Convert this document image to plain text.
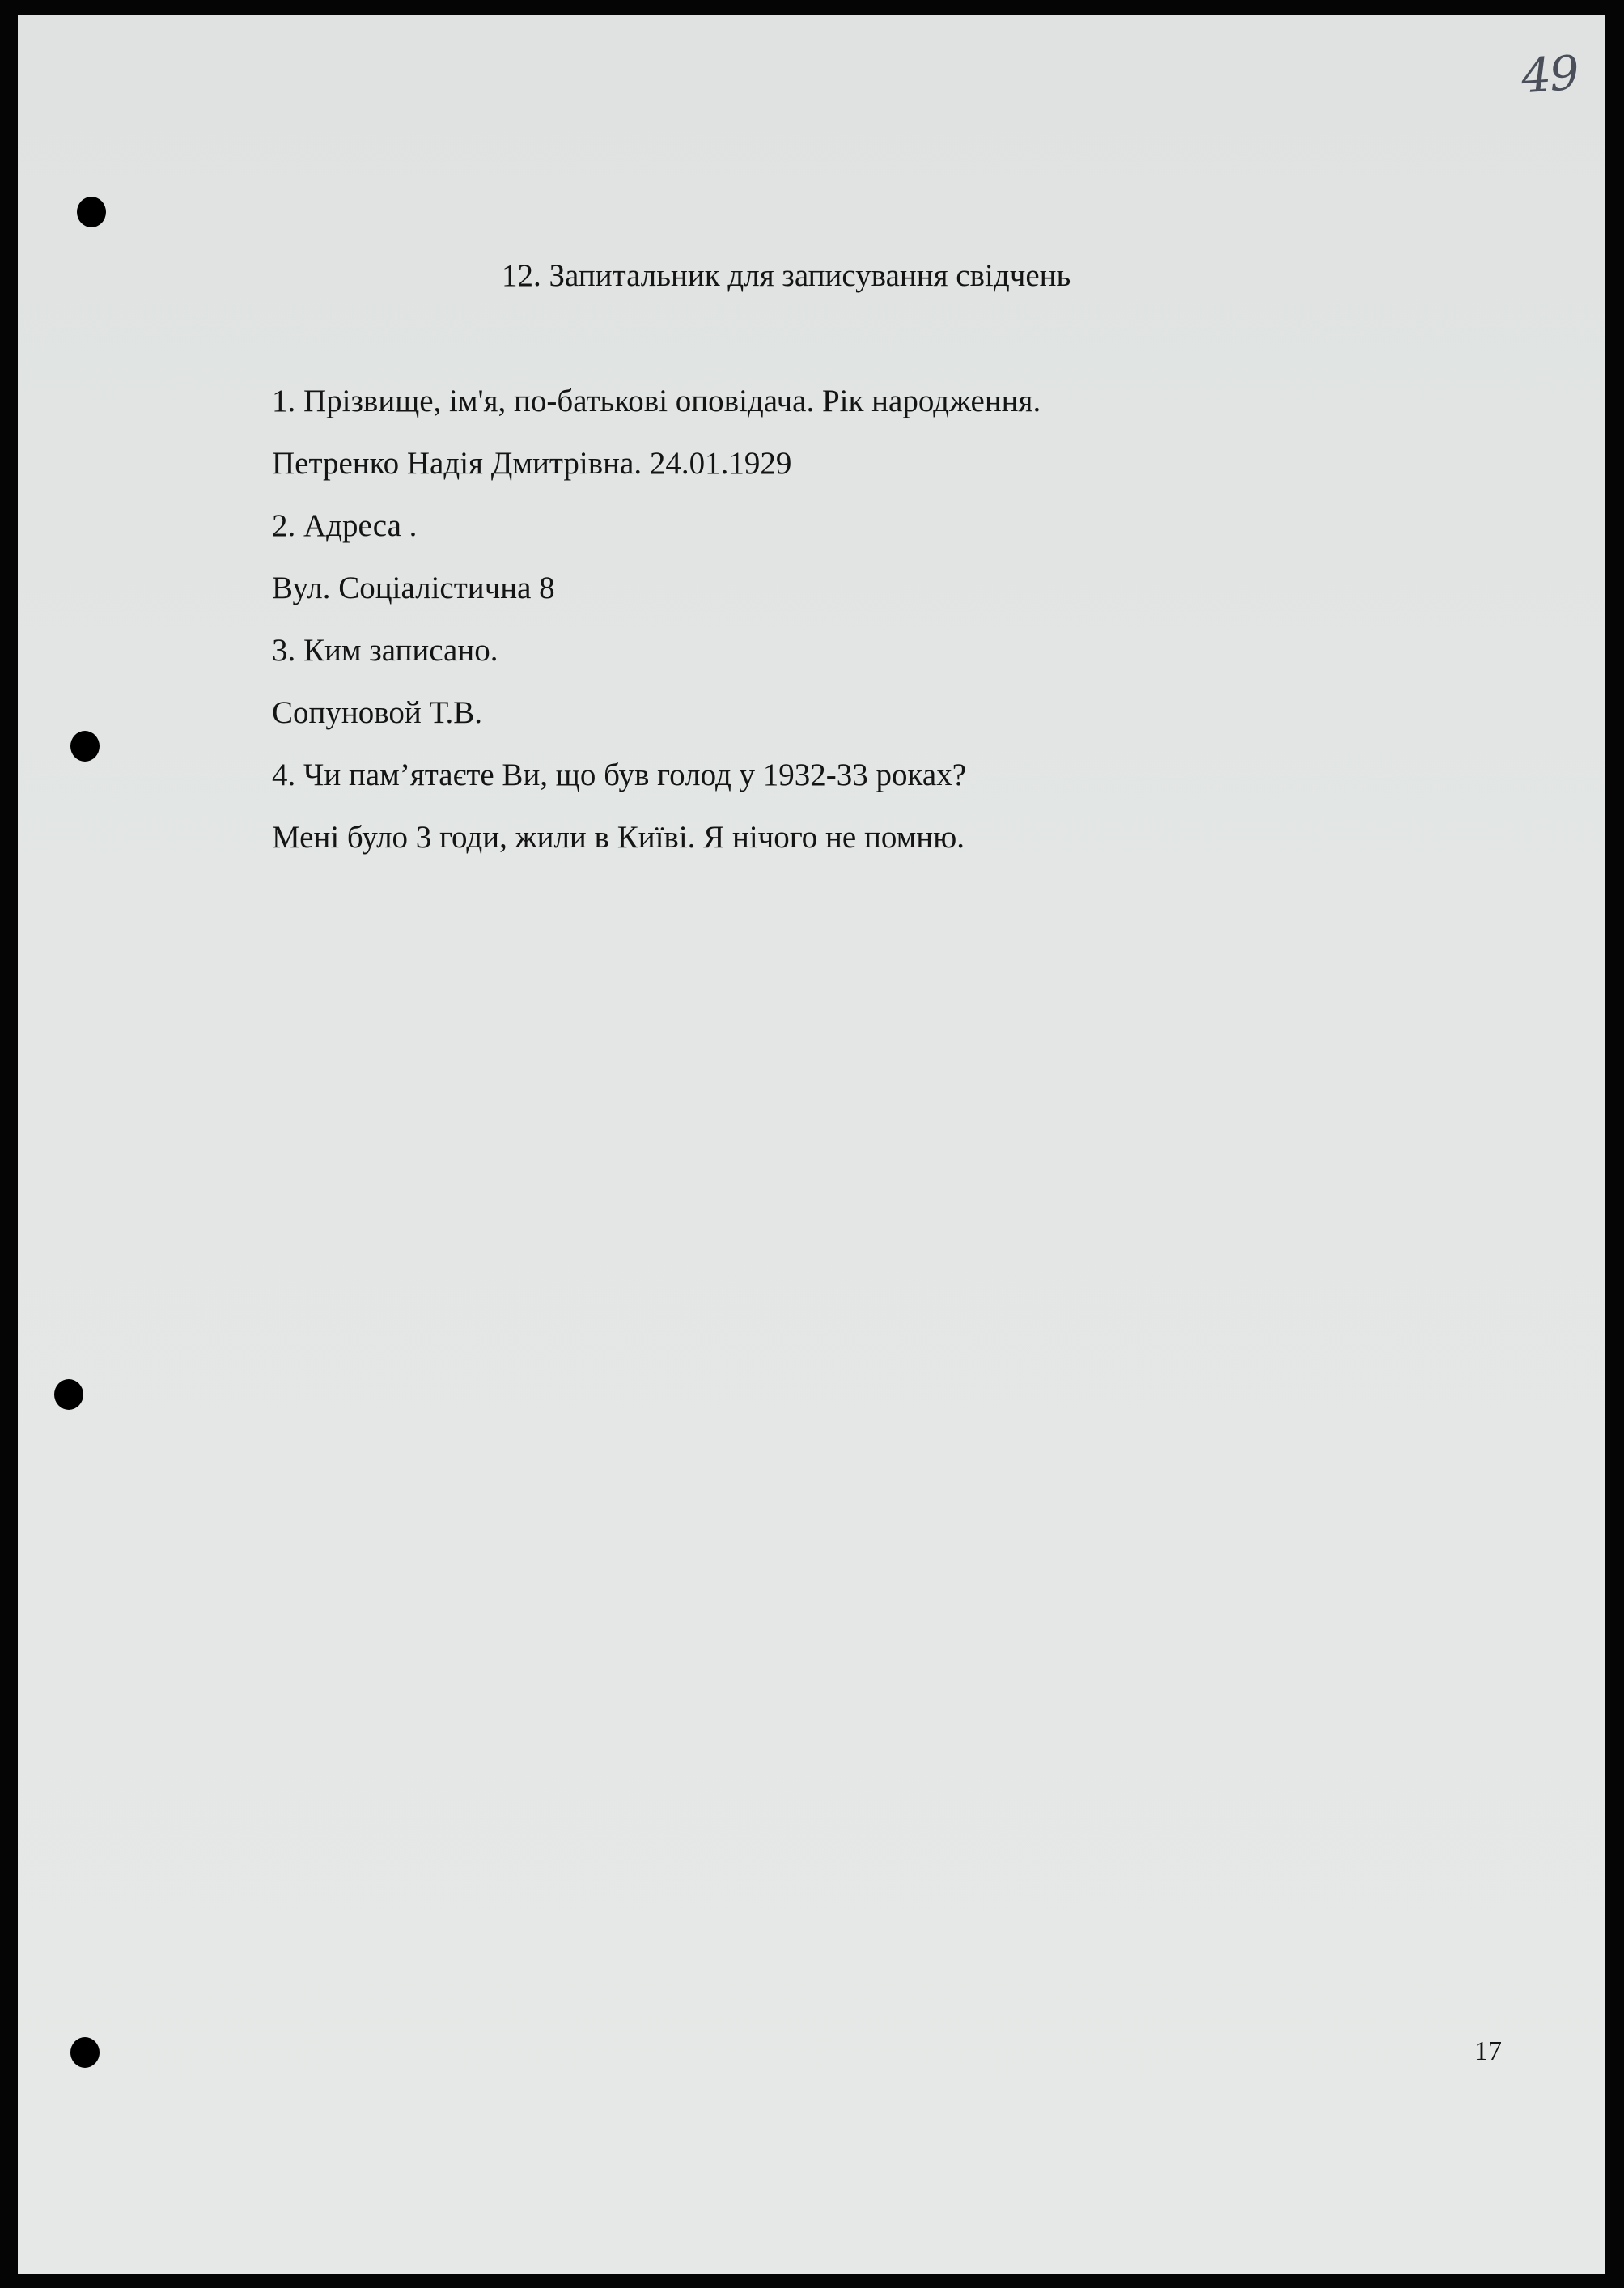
49
12. Запитальник для записування свідчень
1. Прізвище, ім'я, по-батькові оповідача. Рік народження.
Петренко Надія Дмитрівна. 24.01.1929
2. Адреса .
Вул. Соціалістична 8
3. Ким записано.
Сопуновой Т.В.
4. Чи пам’ятаєте Ви, що був голод у 1932-33 роках?
Мені було 3 годи, жили в Київі. Я нічого не помню.
17
